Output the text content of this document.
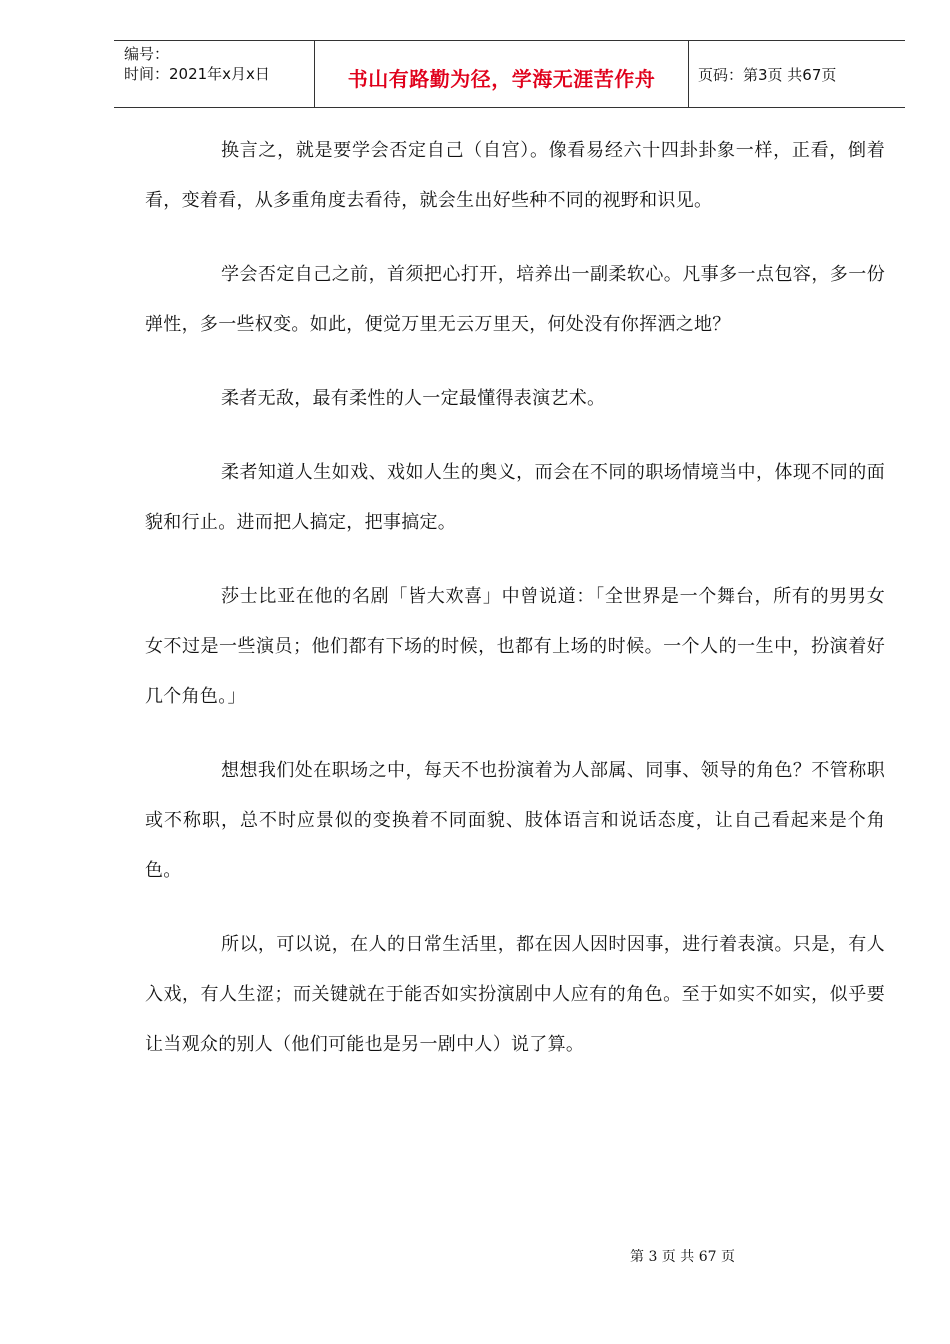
编号：
时间：2021年x月x日	书山有路勤为径，学海无涯苦作舟	页码：第3页 共67页

换言之，就是要学会否定自己（自宫）。像看易经六十四卦卦象一样，正看，倒着看，变着看，从多重角度去看待，就会生出好些种不同的视野和识见。

学会否定自己之前，首须把心打开，培养出一副柔软心。凡事多一点包容，多一份弹性，多一些权变。如此，便觉万里无云万里天，何处没有你挥洒之地？

柔者无敌，最有柔性的人一定最懂得表演艺术。

柔者知道人生如戏、戏如人生的奥义，而会在不同的职场情境当中，体现不同的面貌和行止。进而把人搞定，把事搞定。

莎士比亚在他的名剧「皆大欢喜」中曾说道：「全世界是一个舞台，所有的男男女女不过是一些演员；他们都有下场的时候，也都有上场的时候。一个人的一生中，扮演着好几个角色。」

想想我们处在职场之中，每天不也扮演着为人部属、同事、领导的角色？不管称职或不称职，总不时应景似的变换着不同面貌、肢体语言和说话态度，让自己看起来是个角色。

所以，可以说，在人的日常生活里，都在因人因时因事，进行着表演。只是，有人入戏，有人生涩；而关键就在于能否如实扮演剧中人应有的角色。至于如实不如实，似乎要让当观众的别人（他们可能也是另一剧中人）说了算。

第 3 页 共 67 页
